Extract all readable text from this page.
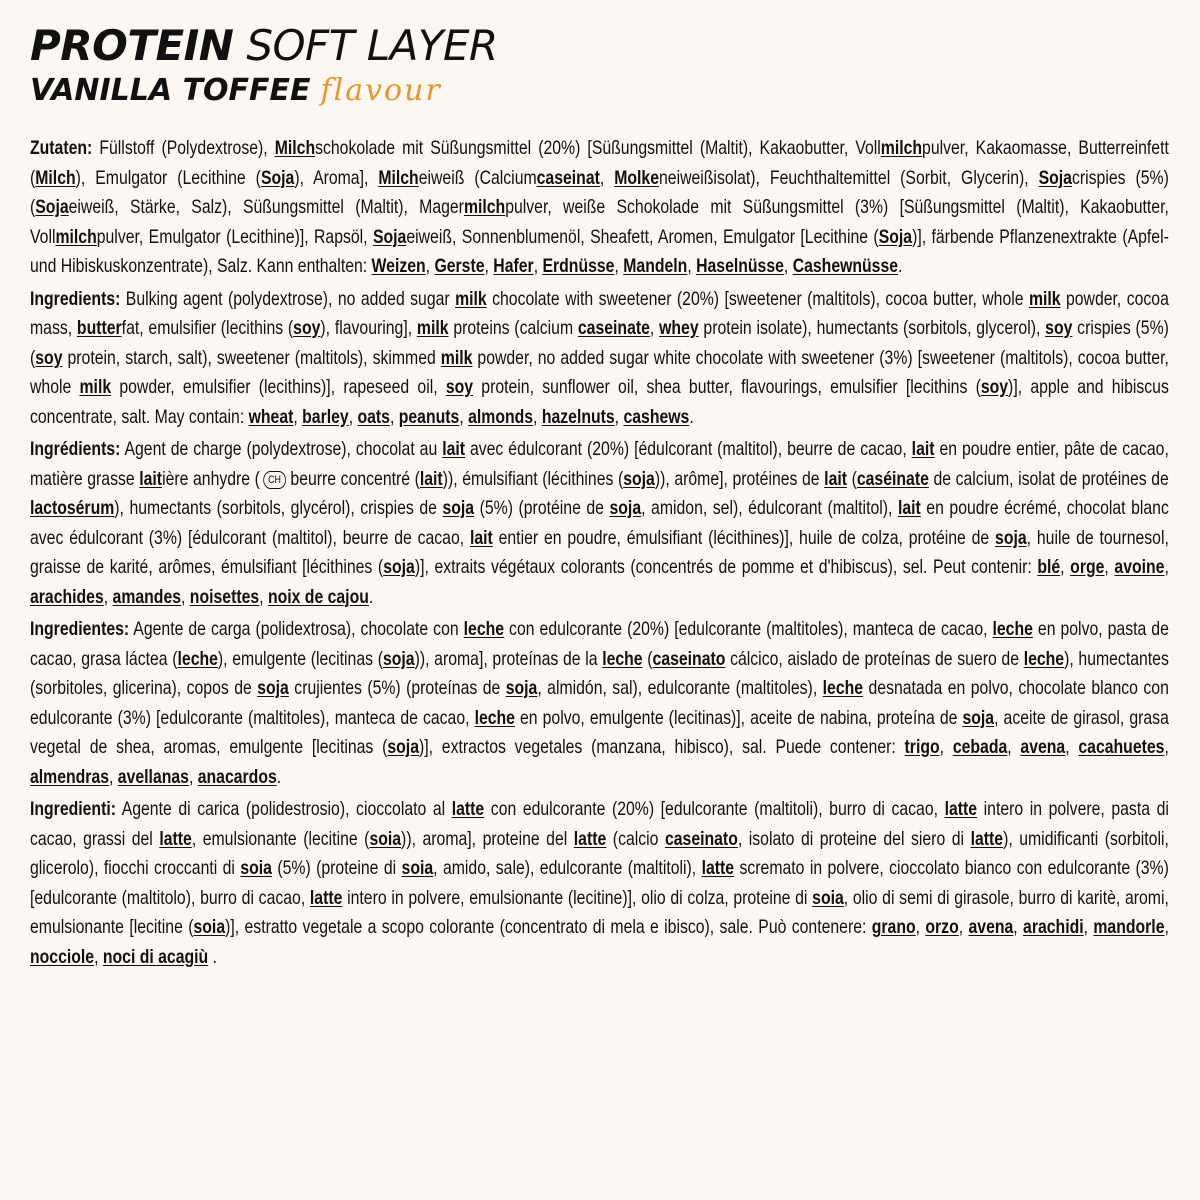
PROTEIN SOFT LAYER
VANILLA TOFFEE flavour

Zutaten: Füllstoff (Polydextrose), Milchschokolade mit Süßungsmittel (20%) [Süßungsmittel (Maltit), Kakaobutter, Vollmilchpulver, Kakaomasse, Butterreinfett (Milch), Emulgator (Lecithine (Soja), Aroma], Milcheiweiß (Calciumcaseinat, Molkeneiweißisolat), Feuchthaltemittel (Sorbit, Glycerin), Sojacrispies (5%) (Sojaeiweiß, Stärke, Salz), Süßungsmittel (Maltit), Magermilchpulver, weiße Schokolade mit Süßungsmittel (3%) [Süßungsmittel (Maltit), Kakaobutter, Vollmilchpulver, Emulgator (Lecithine)], Rapsöl, Sojaeiweiß, Sonnenblumenöl, Sheafett, Aromen, Emulgator [Lecithine (Soja)], färbende Pflanzenextrakte (Apfel- und Hibiskuskonzentrate), Salz. Kann enthalten: Weizen, Gerste, Hafer, Erdnüsse, Mandeln, Haselnüsse, Cashewnüsse.

Ingredients: Bulking agent (polydextrose), no added sugar milk chocolate with sweetener (20%) [sweetener (maltitols), cocoa butter, whole milk powder, cocoa mass, butterfat, emulsifier (lecithins (soy), flavouring], milk proteins (calcium caseinate, whey protein isolate), humectants (sorbitols, glycerol), soy crispies (5%) (soy protein, starch, salt), sweetener (maltitols), skimmed milk powder, no added sugar white chocolate with sweetener (3%) [sweetener (maltitols), cocoa butter, whole milk powder, emulsifier (lecithins)], rapeseed oil, soy protein, sunflower oil, shea butter, flavourings, emulsifier [lecithins (soy)], apple and hibiscus concentrate, salt. May contain: wheat, barley, oats, peanuts, almonds, hazelnuts, cashews.

Ingrédients: Agent de charge (polydextrose), chocolat au lait avec édulcorant (20%) [édulcorant (maltitol), beurre de cacao, lait en poudre entier, pâte de cacao, matière grasse laitière anhydre ( CH beurre concentré (lait)), émulsifiant (lécithines (soja)), arôme], protéines de lait (caséinate de calcium, isolat de protéines de lactosérum), humectants (sorbitols, glycérol), crispies de soja (5%) (protéine de soja, amidon, sel), édulcorant (maltitol), lait en poudre écrémé, chocolat blanc avec édulcorant (3%) [édulcorant (maltitol), beurre de cacao, lait entier en poudre, émulsifiant (lécithines)], huile de colza, protéine de soja, huile de tournesol, graisse de karité, arômes, émulsifiant [lécithines (soja)], extraits végétaux colorants (concentrés de pomme et d'hibiscus), sel. Peut contenir: blé, orge, avoine, arachides, amandes, noisettes, noix de cajou.

Ingredientes: Agente de carga (polidextrosa), chocolate con leche con edulcorante (20%) [edulcorante (maltitoles), manteca de cacao, leche en polvo, pasta de cacao, grasa láctea (leche), emulgente (lecitinas (soja)), aroma], proteínas de la leche (caseinato cálcico, aislado de proteínas de suero de leche), humectantes (sorbitoles, glicerina), copos de soja crujientes (5%) (proteínas de soja, almidón, sal), edulcorante (maltitoles), leche desnatada en polvo, chocolate blanco con edulcorante (3%) [edulcorante (maltitoles), manteca de cacao, leche en polvo, emulgente (lecitinas)], aceite de nabina, proteína de soja, aceite de girasol, grasa vegetal de shea, aromas, emulgente [lecitinas (soja)], extractos vegetales (manzana, hibisco), sal. Puede contener: trigo, cebada, avena, cacahuetes, almendras, avellanas, anacardos.

Ingredienti: Agente di carica (polidestrosio), cioccolato al latte con edulcorante (20%) [edulcorante (maltitoli), burro di cacao, latte intero in polvere, pasta di cacao, grassi del latte, emulsionante (lecitine (soia)), aroma], proteine del latte (calcio caseinato, isolato di proteine del siero di latte), umidificanti (sorbitoli, glicerolo), fiocchi croccanti di soia (5%) (proteine di soia, amido, sale), edulcorante (maltitoli), latte scremato in polvere, cioccolato bianco con edulcorante (3%) [edulcorante (maltitolo), burro di cacao, latte intero in polvere, emulsionante (lecitine)], olio di colza, proteine di soia, olio di semi di girasole, burro di karitè, aromi, emulsionante [lecitine (soia)], estratto vegetale a scopo colorante (concentrato di mela e ibisco), sale. Può contenere: grano, orzo, avena, arachidi, mandorle, nocciole, noci di acagiù .
